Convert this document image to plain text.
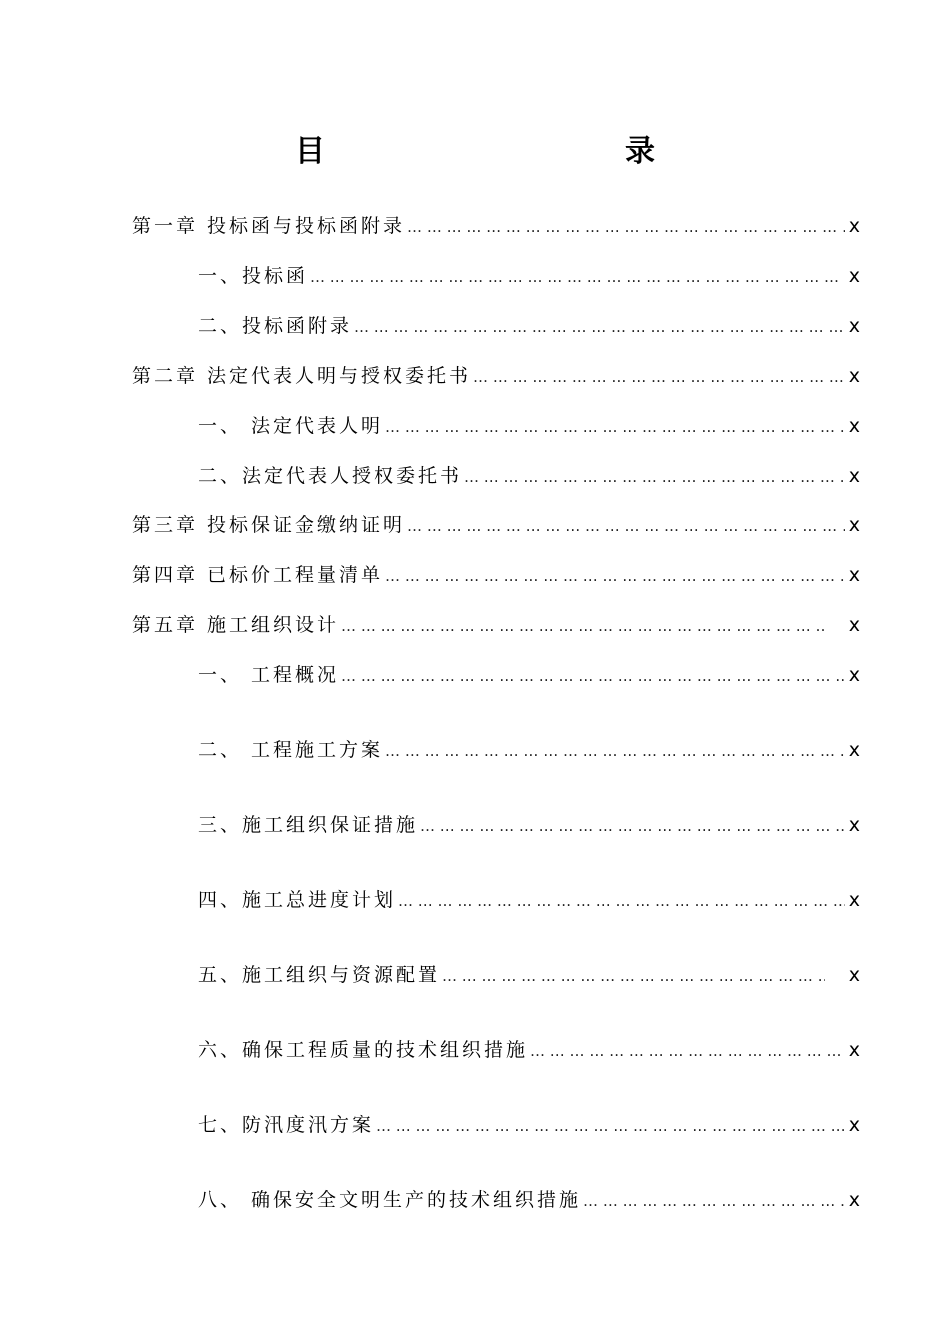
目　　录
第一章 投标函与投标函附录 … … … … … … … … … … … … … … … … … … … … … … … … … … … … … … … … … … … … … … … … … … … … … … … … … …	x
一、投标函 … … … … … … … … … … … … … … … … … … … … … … … … … … … … … … … … … … … … … … … … … … … … … … … … … …	x
二、投标函附录 … … … … … … … … … … … … … … … … … … … … … … … … … … … … … … … … … … … … … … … … … … … … … … … … … …	x
第二章 法定代表人明与授权委托书 … … … … … … … … … … … … … … … … … … … … … … … … … … … … … … … … … … … … … … … … … … … … … … … … … …	x
一、 法定代表人明 … … … … … … … … … … … … … … … … … … … … … … … … … … … … … … … … … … … … … … … … … … … … … … … … … …	x
二、法定代表人授权委托书 … … … … … … … … … … … … … … … … … … … … … … … … … … … … … … … … … … … … … … … … … … … … … … … … … …	x
第三章 投标保证金缴纳证明 … … … … … … … … … … … … … … … … … … … … … … … … … … … … … … … … … … … … … … … … … … … … … … … … … …	x
第四章 已标价工程量清单 … … … … … … … … … … … … … … … … … … … … … … … … … … … … … … … … … … … … … … … … … … … … … … … … … …	x
第五章 施工组织设计 … … … … … … … … … … … … … … … … … … … … … … … … … … … … … … … … … … … … … … … … … … … … … … … … … …	x
一、 工程概况 … … … … … … … … … … … … … … … … … … … … … … … … … … … … … … … … … … … … … … … … … … … … … … … … … …	x
二、 工程施工方案 … … … … … … … … … … … … … … … … … … … … … … … … … … … … … … … … … … … … … … … … … … … … … … … … … …	x
三、施工组织保证措施 … … … … … … … … … … … … … … … … … … … … … … … … … … … … … … … … … … … … … … … … … … … … … … … … … …	x
四、施工总进度计划 … … … … … … … … … … … … … … … … … … … … … … … … … … … … … … … … … … … … … … … … … … … … … … … … … …	x
五、施工组织与资源配置 … … … … … … … … … … … … … … … … … … … … … … … … … … … … … … … … … … … … … … … … … … … … … … … … … …	x
六、确保工程质量的技术组织措施 … … … … … … … … … … … … … … … … … … … … … … … … … … … … … … … … … … … … … … … … … … … … … … … … … …	x
七、防汛度汛方案 … … … … … … … … … … … … … … … … … … … … … … … … … … … … … … … … … … … … … … … … … … … … … … … … … …	x
八、 确保安全文明生产的技术组织措施 … … … … … … … … … … … … … … … … … … … … … … … … … … … … … … … … … … … … … … … … … … … … … … … … … …	x
